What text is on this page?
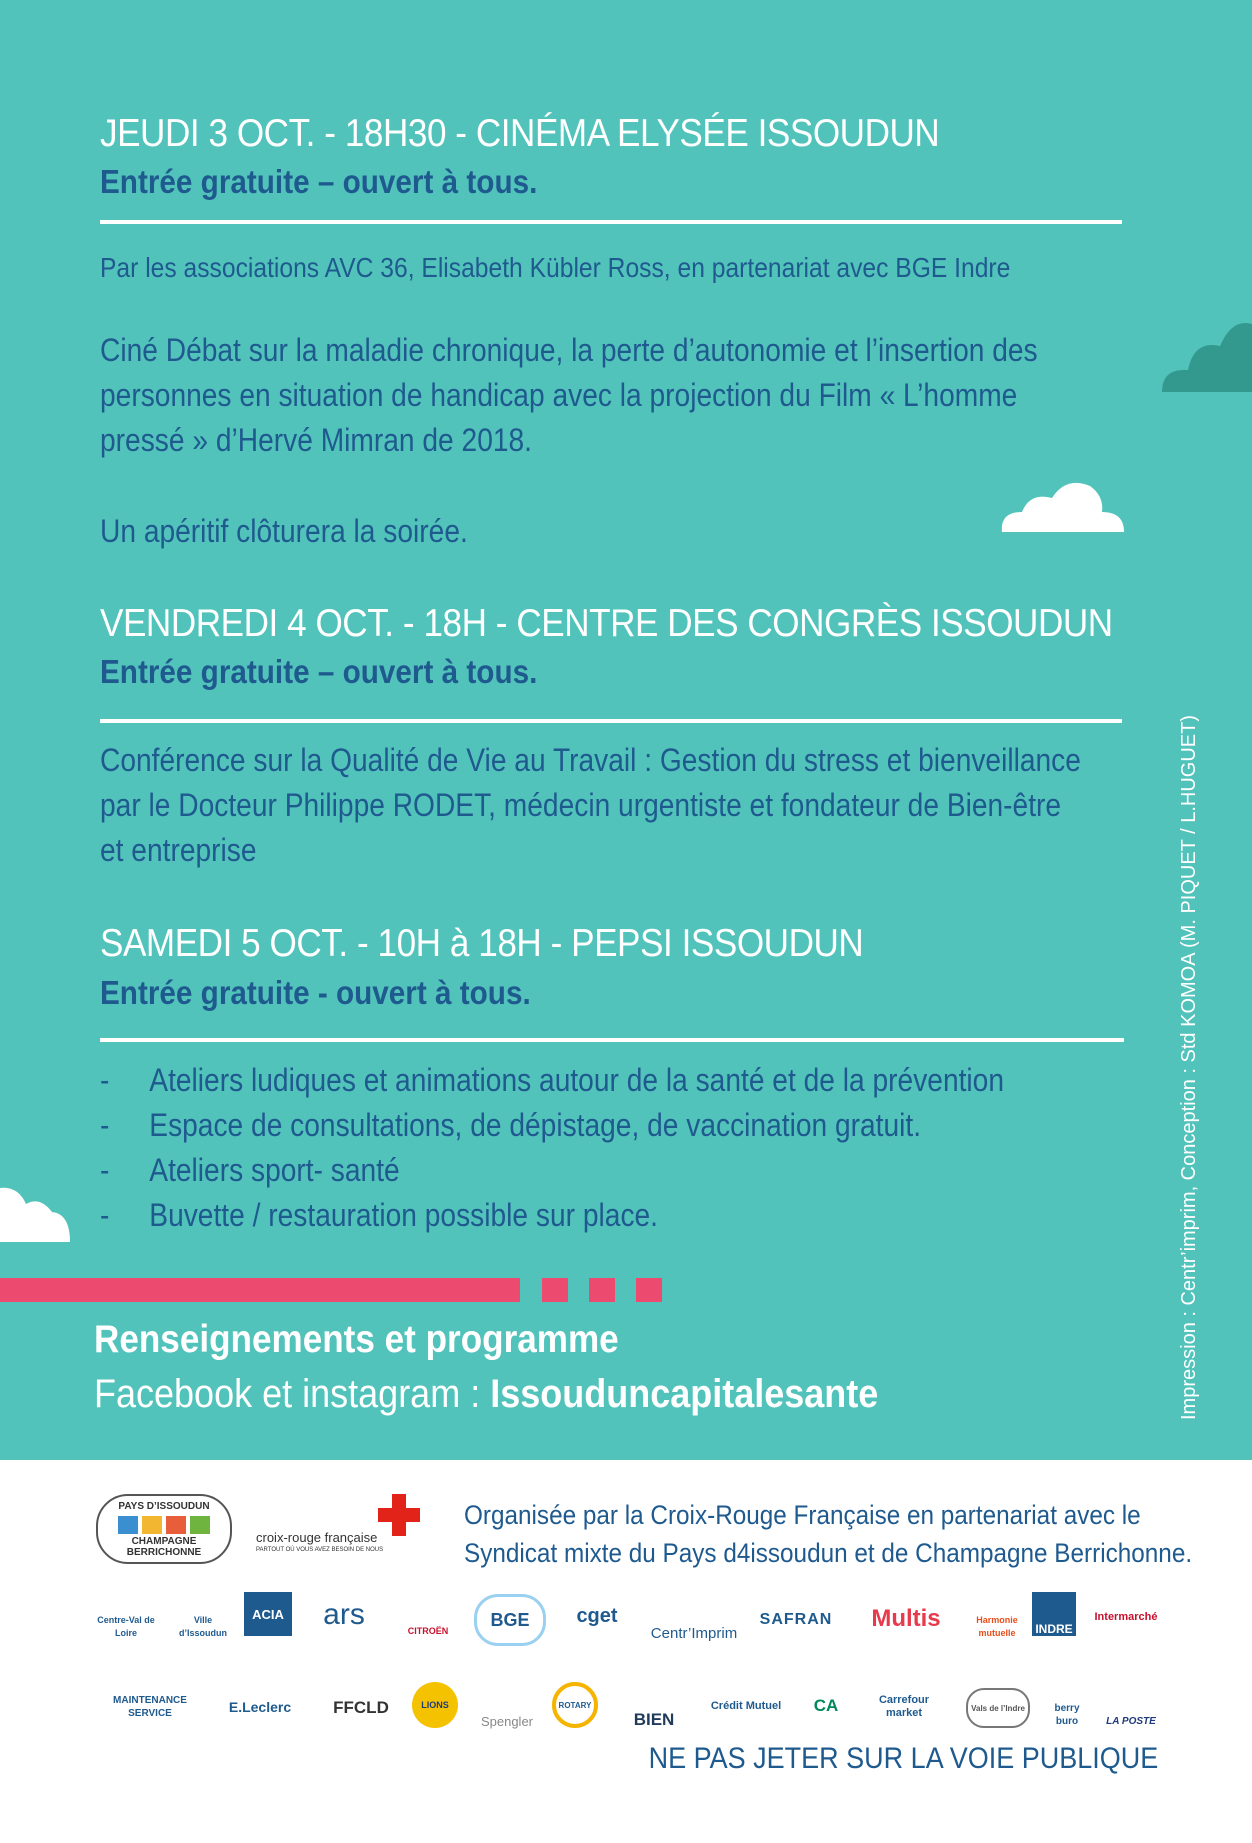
JEUDI 3 OCT. - 18H30 - CINÉMA ELYSÉE ISSOUDUN
Entrée gratuite – ouvert à tous.
Par les associations AVC 36, Elisabeth Kübler Ross, en partenariat avec BGE Indre
Ciné Débat sur la maladie chronique, la perte d’autonomie et l’insertion des
personnes en situation de handicap avec la projection du Film « L’homme
pressé » d’Hervé Mimran de 2018.
Un apéritif clôturera la soirée.
VENDREDI 4 OCT. - 18H - CENTRE DES CONGRÈS ISSOUDUN
Entrée gratuite – ouvert à tous.
Conférence sur la Qualité de Vie au Travail : Gestion du stress et bienveillance
par le Docteur Philippe RODET, médecin urgentiste et fondateur de Bien-être
et entreprise
SAMEDI 5 OCT. - 10H à 18H - PEPSI ISSOUDUN
Entrée gratuite - ouvert à tous.
- Ateliers ludiques et animations autour de la santé et de la prévention
- Espace de consultations, de dépistage, de vaccination gratuit.
- Ateliers sport- santé
- Buvette / restauration possible sur place.
Renseignements et programme
Facebook et instagram : Issouduncapitalesante	Impression : Centr’imprim, Conception : Std KOMOA (M. PIQUET / L.HUGUET)
PAYS D’ISSOUDUN
CHAMPAGNE BERRICHONNE
croix-rouge française
PARTOUT OÙ VOUS AVEZ BESOIN DE NOUS
Organisée par la Croix-Rouge Française en partenariat avec le
Syndicat mixte du Pays d4issoudun et de Champagne Berrichonne.
Centre-Val de Loire
Ville d’Issoudun
ACIA	ars
CITROËN
BGE	cget
Centr’Imprim
SAFRAN	Multis	Harmonie mutuelle	INDRE
Intermarché
MAINTENANCE SERVICE	E.Leclerc	FFCLD	LIONS
Spengler
ROTARY
BIEN
Crédit Mutuel	CA	Carrefour market	Vals de l’Indre	berry buro	LA POSTE
NE PAS JETER SUR LA VOIE PUBLIQUE
